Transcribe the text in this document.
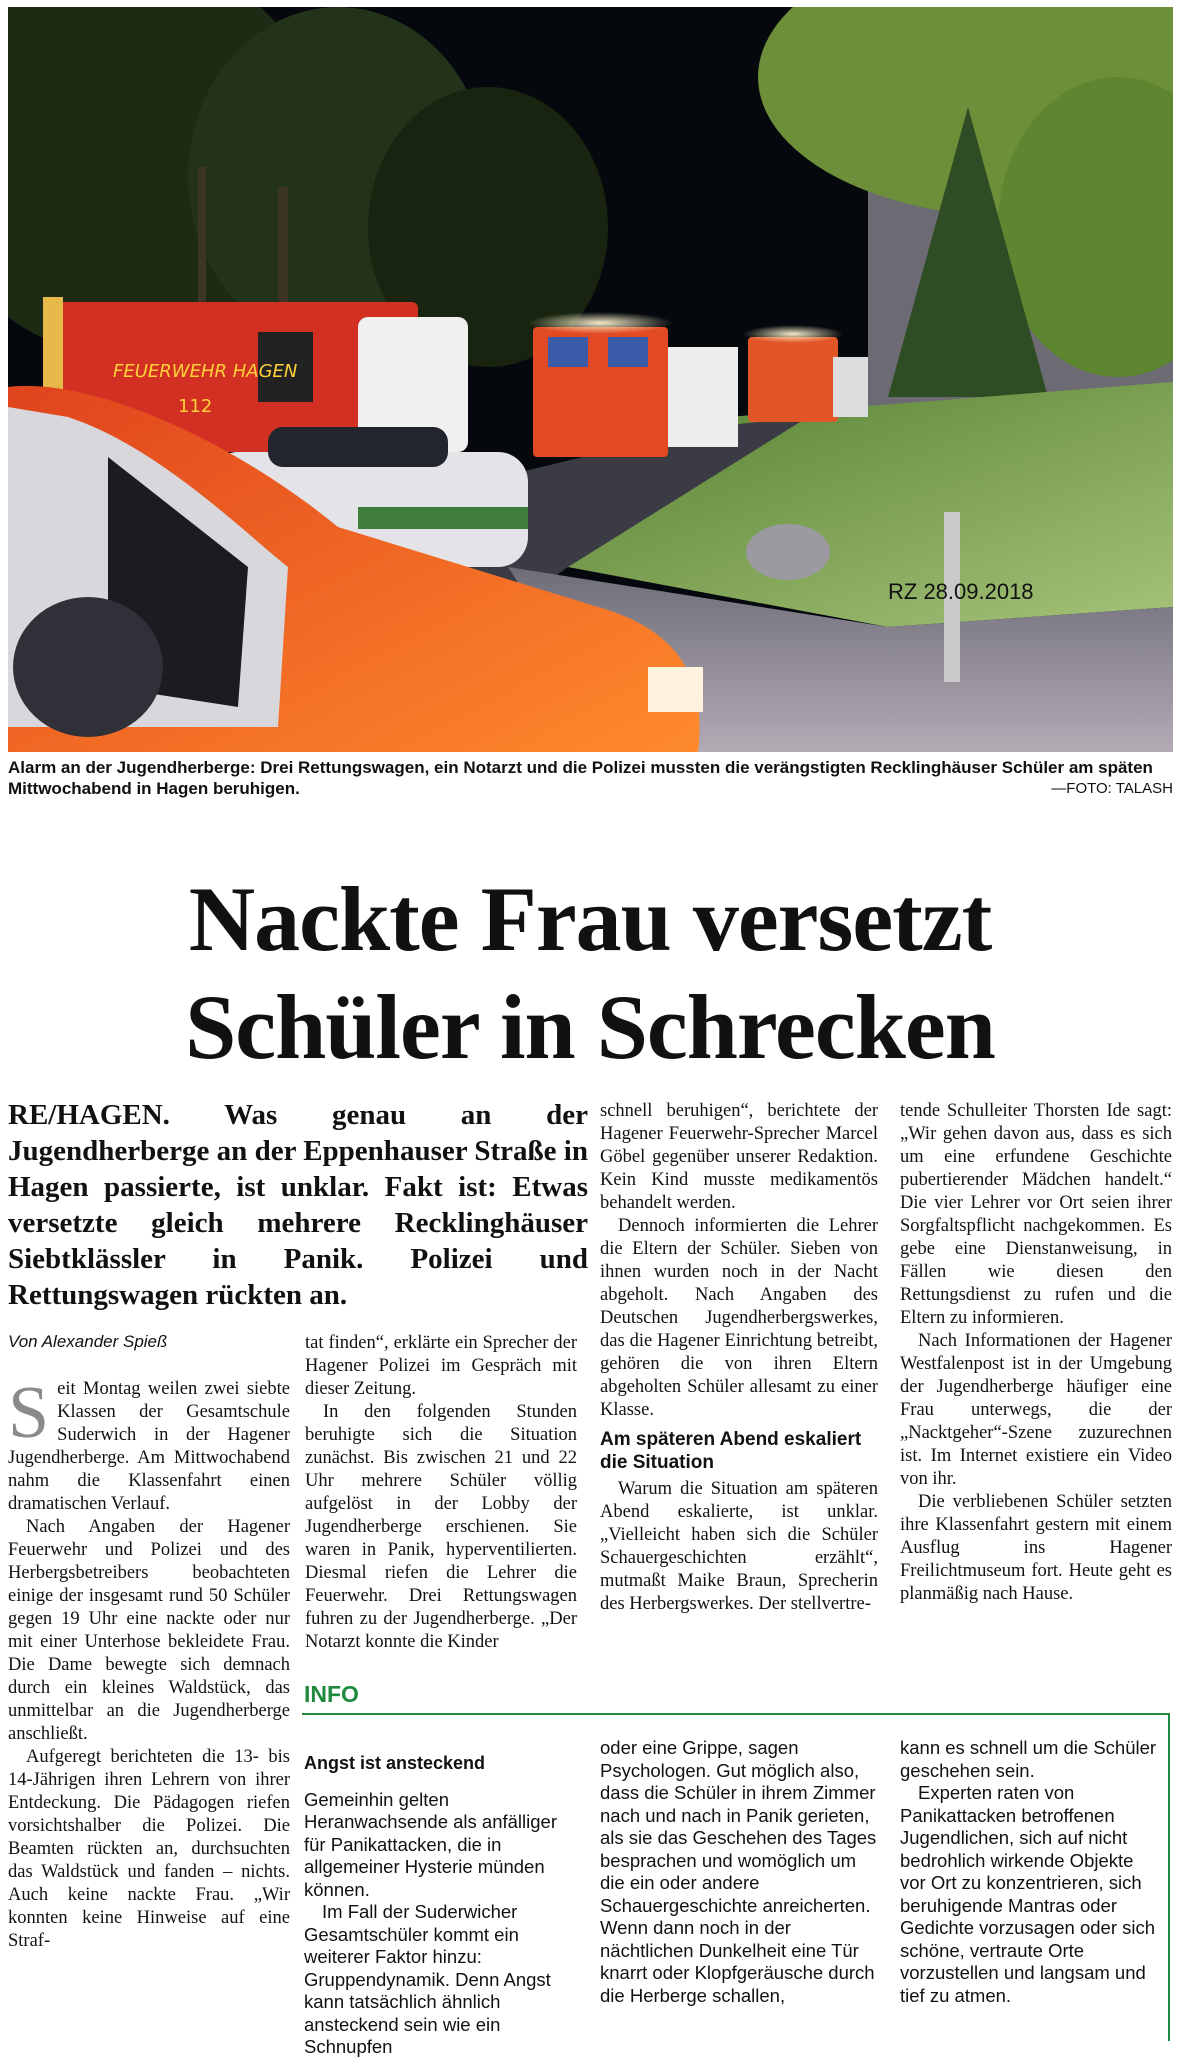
FEUERWEHR HAGEN
112
RZ 28.09.2018
Alarm an der Jugendherberge: Drei Rettungswagen, ein Notarzt und die Polizei mussten die verängstigten Recklinghäuser Schüler am späten Mittwochabend in Hagen beruhigen.	—FOTO: TALASH
Nackte Frau versetzt
Schüler in Schrecken
RE/HAGEN. Was genau an der Jugendherberge an der Eppenhauser Straße in Hagen passierte, ist unklar. Fakt ist: Etwas versetzte gleich mehrere Recklinghäuser Siebtklässler in Panik. Polizei und Rettungswagen rückten an.
Von Alexander Spieß

Seit Montag weilen zwei siebte Klassen der Gesamtschule Suderwich in der Hagener Jugendherberge. Am Mittwochabend nahm die Klassenfahrt einen dramatischen Verlauf.

Nach Angaben der Hagener Feuerwehr und Polizei und des Herbergsbetreibers beobachteten einige der insgesamt rund 50 Schüler gegen 19 Uhr eine nackte oder nur mit einer Unterhose bekleidete Frau. Die Dame bewegte sich demnach durch ein kleines Waldstück, das unmittelbar an die Jugendherberge anschließt.

Aufgeregt berichteten die 13- bis 14-Jährigen ihren Lehrern von ihrer Entdeckung. Die Pädagogen riefen vorsichtshalber die Polizei. Die Beamten rückten an, durchsuchten das Waldstück und fanden – nichts. Auch keine nackte Frau. „Wir konnten keine Hinweise auf eine Straf-

tat finden“, erklärte ein Sprecher der Hagener Polizei im Gespräch mit dieser Zeitung.

In den folgenden Stunden beruhigte sich die Situation zunächst. Bis zwischen 21 und 22 Uhr mehrere Schüler völlig aufgelöst in der Lobby der Jugendherberge erschienen. Sie waren in Panik, hyperventilierten. Diesmal riefen die Lehrer die Feuerwehr. Drei Rettungswagen fuhren zu der Jugendherberge. „Der Notarzt konnte die Kinder

schnell beruhigen“, berichtete der Hagener Feuerwehr-Sprecher Marcel Göbel gegenüber unserer Redaktion. Kein Kind musste medikamentös behandelt werden.

Dennoch informierten die Lehrer die Eltern der Schüler. Sieben von ihnen wurden noch in der Nacht abgeholt. Nach Angaben des Deutschen Jugendherbergswerkes, das die Hagener Einrichtung betreibt, gehören die von ihren Eltern abgeholten Schüler allesamt zu einer Klasse.

Am späteren Abend eskaliert die Situation

Warum die Situation am späteren Abend eskalierte, ist unklar. „Vielleicht haben sich die Schüler Schauergeschichten erzählt“, mutmaßt Maike Braun, Sprecherin des Herbergswerkes. Der stellvertre-

tende Schulleiter Thorsten Ide sagt: „Wir gehen davon aus, dass es sich um eine erfundene Geschichte pubertierender Mädchen handelt.“ Die vier Lehrer vor Ort seien ihrer Sorgfaltspflicht nachgekommen. Es gebe eine Dienstanweisung, in Fällen wie diesen den Rettungsdienst zu rufen und die Eltern zu informieren.

Nach Informationen der Hagener Westfalenpost ist in der Umgebung der Jugendherberge häufiger eine Frau unterwegs, die der „Nacktgeher“-Szene zuzurechnen ist. Im Internet existiere ein Video von ihr.

Die verbliebenen Schüler setzten ihre Klassenfahrt gestern mit einem Ausflug ins Hagener Freilichtmuseum fort. Heute geht es planmäßig nach Hause.

INFO
Angst ist ansteckend

Gemeinhin gelten Heranwachsende als anfälliger für Panikattacken, die in allgemeiner Hysterie münden können.

Im Fall der Suderwicher Gesamtschüler kommt ein weiterer Faktor hinzu: Gruppendynamik. Denn Angst kann tatsächlich ähnlich ansteckend sein wie ein Schnupfen

oder eine Grippe, sagen Psychologen. Gut möglich also, dass die Schüler in ihrem Zimmer nach und nach in Panik gerieten, als sie das Geschehen des Tages besprachen und womöglich um die ein oder andere Schauergeschichte anreicherten. Wenn dann noch in der nächtlichen Dunkelheit eine Tür knarrt oder Klopfgeräusche durch die Herberge schallen,

kann es schnell um die Schüler geschehen sein.

Experten raten von Panikattacken betroffenen Jugendlichen, sich auf nicht bedrohlich wirkende Objekte vor Ort zu konzentrieren, sich beruhigende Mantras oder Gedichte vorzusagen oder sich schöne, vertraute Orte vorzustellen und langsam und tief zu atmen.
